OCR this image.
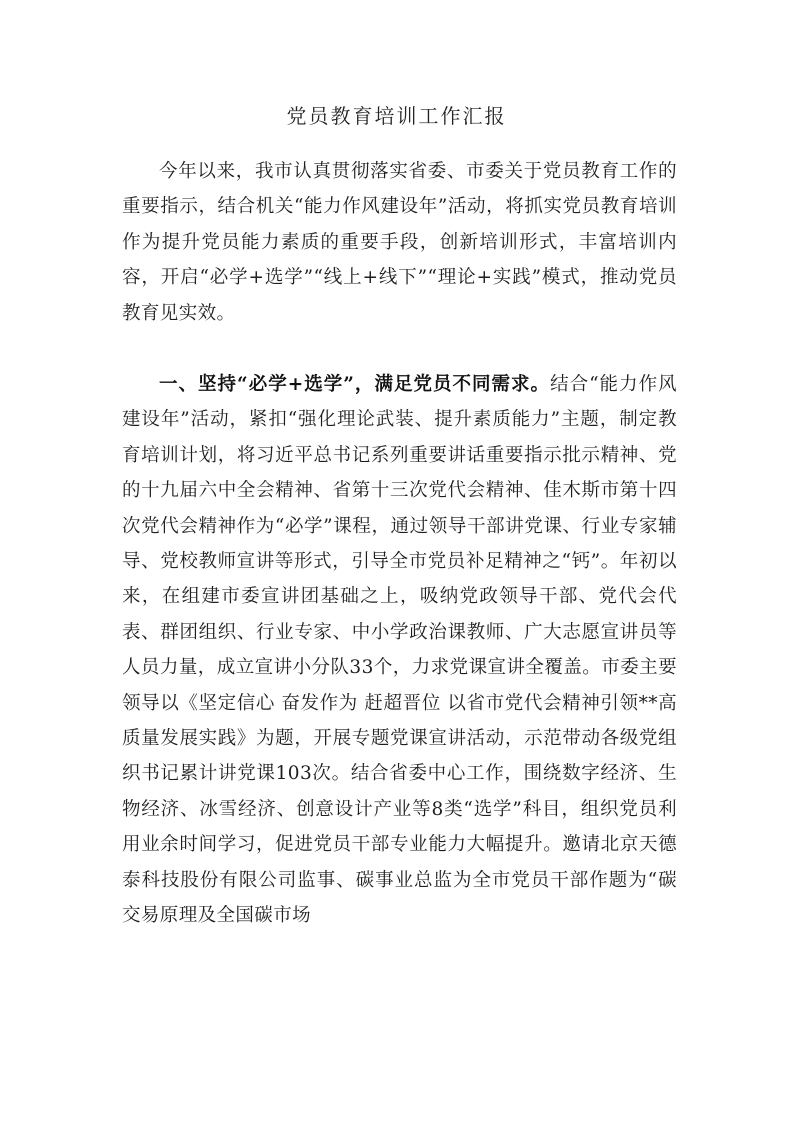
党员教育培训工作汇报

今年以来，我市认真贯彻落实省委、市委关于党员教育工作的重要指示，结合机关“能力作风建设年”活动，将抓实党员教育培训作为提升党员能力素质的重要手段，创新培训形式，丰富培训内容，开启“必学+选学”“线上+线下”“理论+实践”模式，推动党员教育见实效。

一、坚持“必学+选学”，满足党员不同需求。结合“能力作风建设年”活动，紧扣“强化理论武装、提升素质能力”主题，制定教育培训计划，将习近平总书记系列重要讲话重要指示批示精神、党的十九届六中全会精神、省第十三次党代会精神、佳木斯市第十四次党代会精神作为“必学”课程，通过领导干部讲党课、行业专家辅导、党校教师宣讲等形式，引导全市党员补足精神之“钙”。年初以来，在组建市委宣讲团基础之上，吸纳党政领导干部、党代会代表、群团组织、行业专家、中小学政治课教师、广大志愿宣讲员等人员力量，成立宣讲小分队33个，力求党课宣讲全覆盖。市委主要领导以《坚定信心 奋发作为 赶超晋位 以省市党代会精神引领**高质量发展实践》为题，开展专题党课宣讲活动，示范带动各级党组织书记累计讲党课103次。结合省委中心工作，围绕数字经济、生物经济、冰雪经济、创意设计产业等8类“选学”科目，组织党员利用业余时间学习，促进党员干部专业能力大幅提升。邀请北京天德泰科技股份有限公司监事、碳事业总监为全市党员干部作题为“碳交易原理及全国碳市场
